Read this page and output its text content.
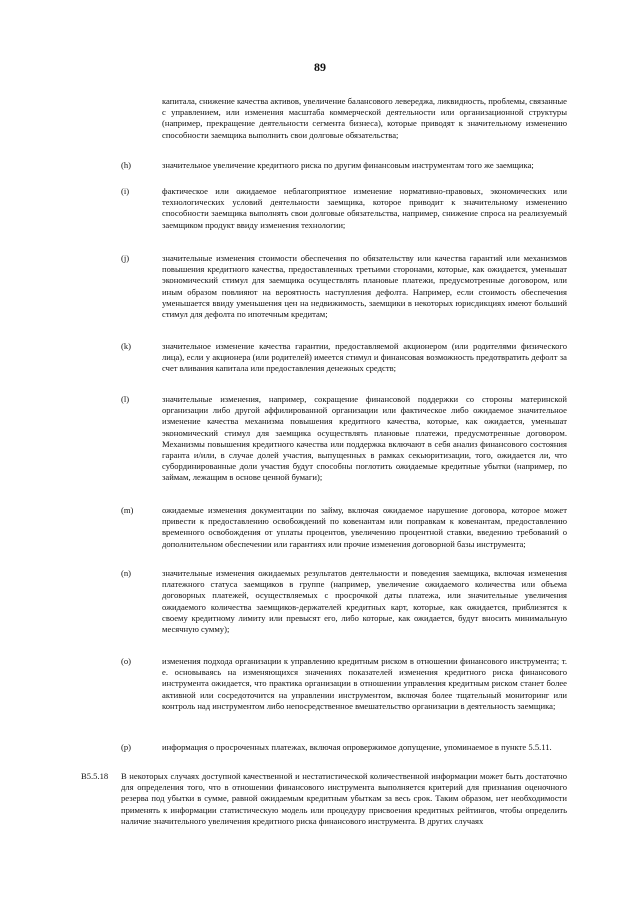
89
капитала, снижение качества активов, увеличение балансового левереджа, ликвидность, проблемы, связанные с управлением, или изменения масштаба коммерческой деятельности или организационной структуры (например, прекращение деятельности сегмента бизнеса), которые приводят к значительному изменению способности заемщика выполнить свои долговые обязательства;
(h)	значительное увеличение кредитного риска по другим финансовым инструментам того же заемщика;
(i)	фактическое или ожидаемое неблагоприятное изменение нормативно-правовых, экономических или технологических условий деятельности заемщика, которое приводит к значительному изменению способности заемщика выполнять свои долговые обязательства, например, снижение спроса на реализуемый заемщиком продукт ввиду изменения технологии;
(j)	значительные изменения стоимости обеспечения по обязательству или качества гарантий или механизмов повышения кредитного качества, предоставленных третьими сторонами, которые, как ожидается, уменьшат экономический стимул для заемщика осуществлять плановые платежи, предусмотренные договором, или иным образом повлияют на вероятность наступления дефолта. Например, если стоимость обеспечения уменьшается ввиду уменьшения цен на недвижимость, заемщики в некоторых юрисдикциях имеют больший стимул для дефолта по ипотечным кредитам;
(k)	значительное изменение качества гарантии, предоставляемой акционером (или родителями физического лица), если у акционера (или родителей) имеется стимул и финансовая возможность предотвратить дефолт за счет вливания капитала или предоставления денежных средств;
(l)	значительные изменения, например, сокращение финансовой поддержки со стороны материнской организации либо другой аффилированной организации или фактическое либо ожидаемое значительное изменение качества механизма повышения кредитного качества, которые, как ожидается, уменьшат экономический стимул для заемщика осуществлять плановые платежи, предусмотренные договором. Механизмы повышения кредитного качества или поддержка включают в себя анализ финансового состояния гаранта и/или, в случае долей участия, выпущенных в рамках секьюритизации, того, ожидается ли, что субординированные доли участия будут способны поглотить ожидаемые кредитные убытки (например, по займам, лежащим в основе ценной бумаги);
(m)	ожидаемые изменения документации по займу, включая ожидаемое нарушение договора, которое может привести к предоставлению освобождений по ковенантам или поправкам к ковенантам, предоставлению временного освобождения от уплаты процентов, увеличению процентной ставки, введению требований о дополнительном обеспечении или гарантиях или прочие изменения договорной базы инструмента;
(n)	значительные изменения ожидаемых результатов деятельности и поведения заемщика, включая изменения платежного статуса заемщиков в группе (например, увеличение ожидаемого количества или объема договорных платежей, осуществляемых с просрочкой даты платежа, или значительные увеличения ожидаемого количества заемщиков-держателей кредитных карт, которые, как ожидается, приблизятся к своему кредитному лимиту или превысят его, либо которые, как ожидается, будут вносить минимальную месячную сумму);
(o)	изменения подхода организации к управлению кредитным риском в отношении финансового инструмента; т. е. основываясь на изменяющихся значениях показателей изменения кредитного риска финансового инструмента ожидается, что практика организации в отношении управления кредитным риском станет более активной или сосредоточится на управлении инструментом, включая более тщательный мониторинг или контроль над инструментом либо непосредственное вмешательство организации в деятельность заемщика;
(p)	информация о просроченных платежах, включая опровержимое допущение, упоминаемое в пункте 5.5.11.
B5.5.18 В некоторых случаях доступной качественной и нестатистической количественной информации может быть достаточно для определения того, что в отношении финансового инструмента выполняется критерий для признания оценочного резерва под убытки в сумме, равной ожидаемым кредитным убыткам за весь срок. Таким образом, нет необходимости применять к информации статистическую модель или процедуру присвоения кредитных рейтингов, чтобы определить наличие значительного увеличения кредитного риска финансового инструмента. В других случаях
